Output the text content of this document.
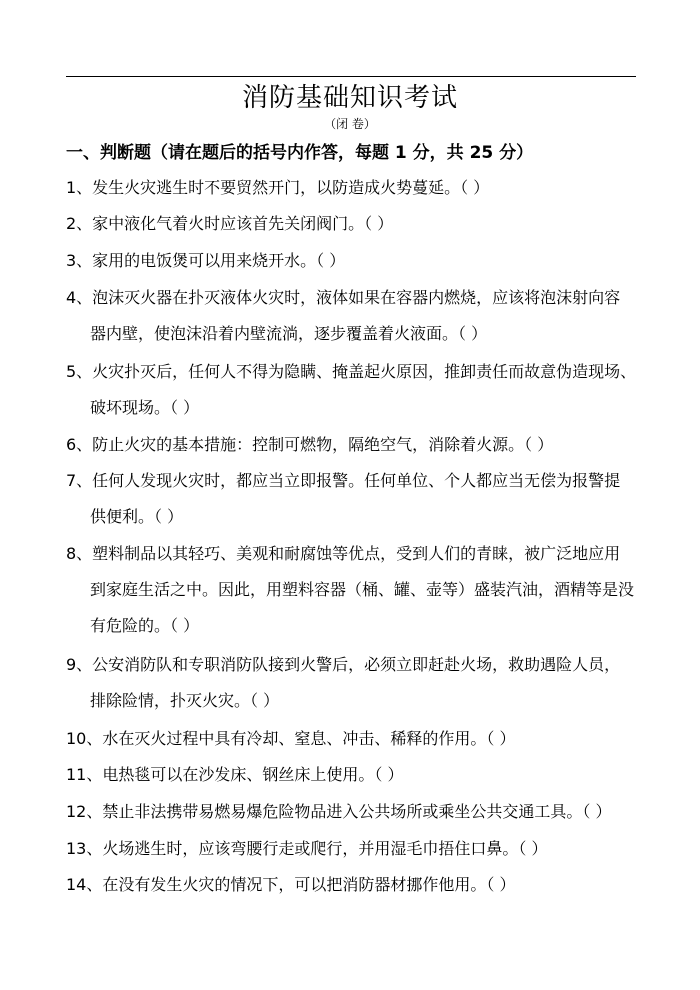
消防基础知识考试
（闭 卷）
一、判断题（请在题后的括号内作答，每题 1 分，共 25 分）
1、发生火灾逃生时不要贸然开门，以防造成火势蔓延。（ ）
2、家中液化气着火时应该首先关闭阀门。（ ）
3、家用的电饭煲可以用来烧开水。（ ）
4、泡沫灭火器在扑灭液体火灾时，液体如果在容器内燃烧，应该将泡沫射向容
器内壁，使泡沫沿着内壁流淌，逐步覆盖着火液面。（ ）
5、火灾扑灭后，任何人不得为隐瞒、掩盖起火原因，推卸责任而故意伪造现场、
破坏现场。（ ）
6、防止火灾的基本措施：控制可燃物，隔绝空气，消除着火源。（ ）
7、任何人发现火灾时，都应当立即报警。任何单位、个人都应当无偿为报警提
供便利。（ ）
8、塑料制品以其轻巧、美观和耐腐蚀等优点，受到人们的青睐，被广泛地应用
到家庭生活之中。因此，用塑料容器（桶、罐、壶等）盛装汽油，酒精等是没
有危险的。（ ）
9、公安消防队和专职消防队接到火警后，必须立即赶赴火场，救助遇险人员，
排除险情，扑灭火灾。（ ）
10、水在灭火过程中具有冷却、窒息、冲击、稀释的作用。（ ）
11、电热毯可以在沙发床、钢丝床上使用。（ ）
12、禁止非法携带易燃易爆危险物品进入公共场所或乘坐公共交通工具。（ ）
13、火场逃生时，应该弯腰行走或爬行，并用湿毛巾捂住口鼻。（ ）
14、在没有发生火灾的情况下，可以把消防器材挪作他用。（ ）
